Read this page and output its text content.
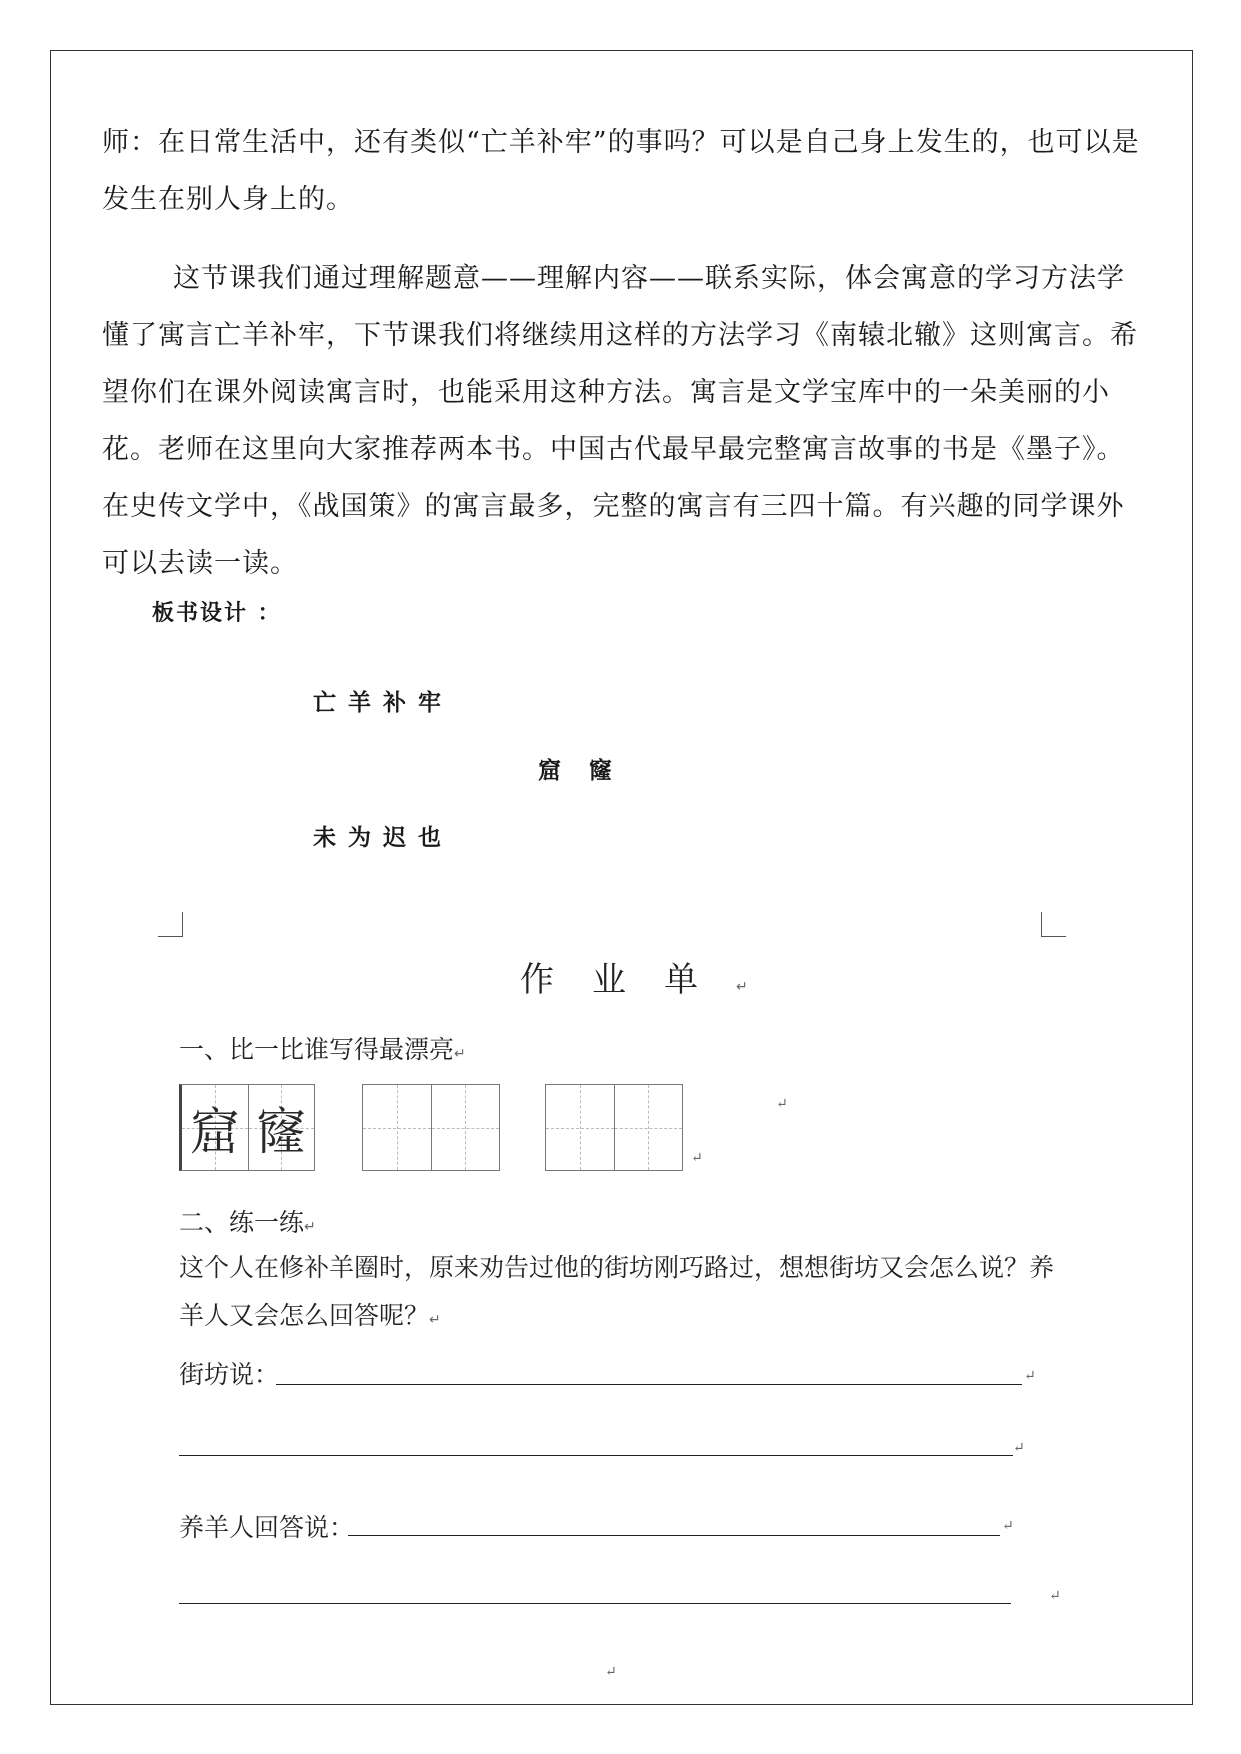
师：在日常生活中，还有类似“亡羊补牢”的事吗？可以是自己身上发生的，也可以是发生在别人身上的。

这节课我们通过理解题意——理解内容——联系实际，体会寓意的学习方法学懂了寓言亡羊补牢，下节课我们将继续用这样的方法学习《南辕北辙》这则寓言。希望你们在课外阅读寓言时，也能采用这种方法。寓言是文学宝库中的一朵美丽的小花。老师在这里向大家推荐两本书。中国古代最早最完整寓言故事的书是《墨子》。在史传文学中，《战国策》的寓言最多，完整的寓言有三四十篇。有兴趣的同学课外可以去读一读。

板书设计 ：
亡羊补牢
窟窿
未为迟也
作业单↵
一、比一比谁写得最漂亮↵
窟 窿	↵
↵
二、练一练↵
这个人在修补羊圈时，原来劝告过他的街坊刚巧路过，想想街坊又会怎么说？养羊人又会怎么回答呢？↵
街坊说：	↵
↵
养羊人回答说：	↵
↵
↵
